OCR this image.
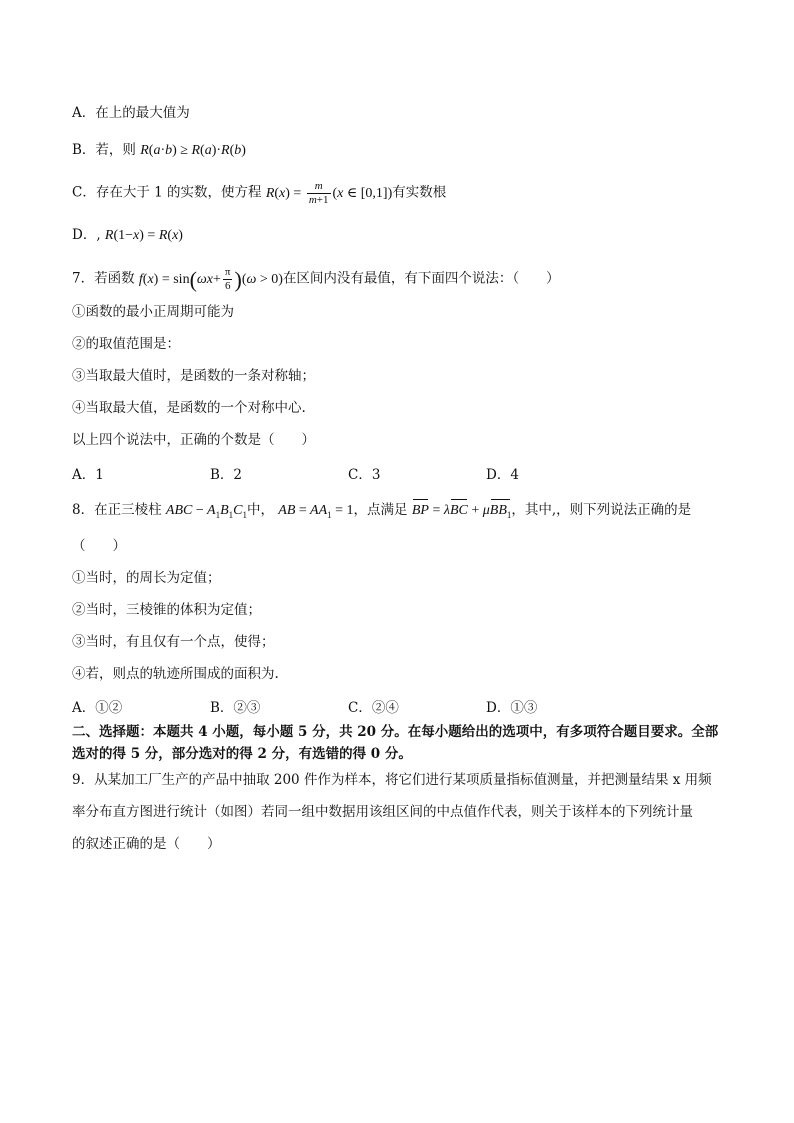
A．在上的最大值为
B．若，则 R(a·b) ≥ R(a)·R(b)
C．存在大于 1 的实数，使方程 $R(x) = \frac{m}{m+1} (x$ ∈ [0,1])有实数根
D．, R(1−x) = R(x)
7．若函数 $f(x) = \sin(\omega x+ \frac{\pi}{6} )(\omega > 0)$在区间内没有最值，有下面四个说法：（　　）
①函数的最小正周期可能为
②的取值范围是：
③当取最大值时，是函数的一条对称轴；
④当取最大值，是函数的一个对称中心.
以上四个说法中，正确的个数是（　　）
A．1	B．2	C．3	D．4
8．在正三棱柱 ABC − $A_1B_1C_1$中， AB = $AA_1 = 1$，点满足 BP = λBC + μBB$_1$，其中,，则下列说法正确的是
（　　）
①当时，的周长为定值；
②当时，三棱锥的体积为定值；
③当时，有且仅有一个点，使得；
④若，则点的轨迹所围成的面积为.
A．①②	B．②③	C．②④	D．①③
二、选择题：本题共 4 小题，每小题 5 分，共 20 分。在每小题给出的选项中，有多项符合题目要求。全部
选对的得 5 分，部分选对的得 2 分，有选错的得 0 分。
9．从某加工厂生产的产品中抽取 200 件作为样本，将它们进行某项质量指标值测量，并把测量结果 x 用频
率分布直方图进行统计（如图）若同一组中数据用该组区间的中点值作代表，则关于该样本的下列统计量
的叙述正确的是（　　）
